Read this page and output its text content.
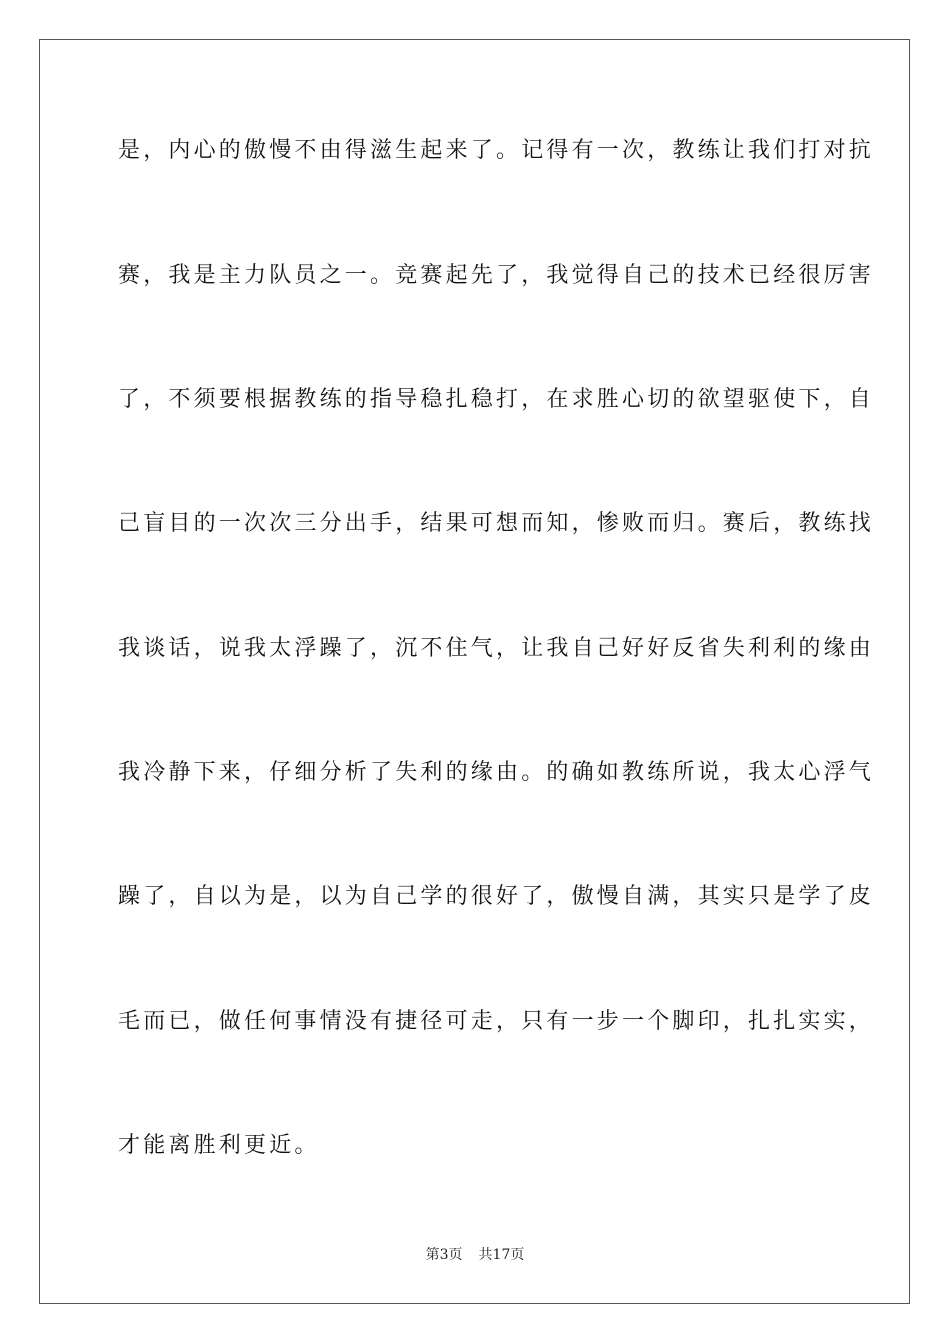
是，内心的傲慢不由得滋生起来了。记得有一次，教练让我们打对抗
赛，我是主力队员之一。竞赛起先了，我觉得自己的技术已经很厉害
了，不须要根据教练的指导稳扎稳打，在求胜心切的欲望驱使下，自
己盲目的一次次三分出手，结果可想而知，惨败而归。赛后，教练找
我谈话，说我太浮躁了，沉不住气，让我自己好好反省失利利的缘由
我冷静下来，仔细分析了失利的缘由。的确如教练所说，我太心浮气
躁了，自以为是，以为自己学的很好了，傲慢自满，其实只是学了皮
毛而已，做任何事情没有捷径可走，只有一步一个脚印，扎扎实实，
才能离胜利更近。
第3页 共17页
